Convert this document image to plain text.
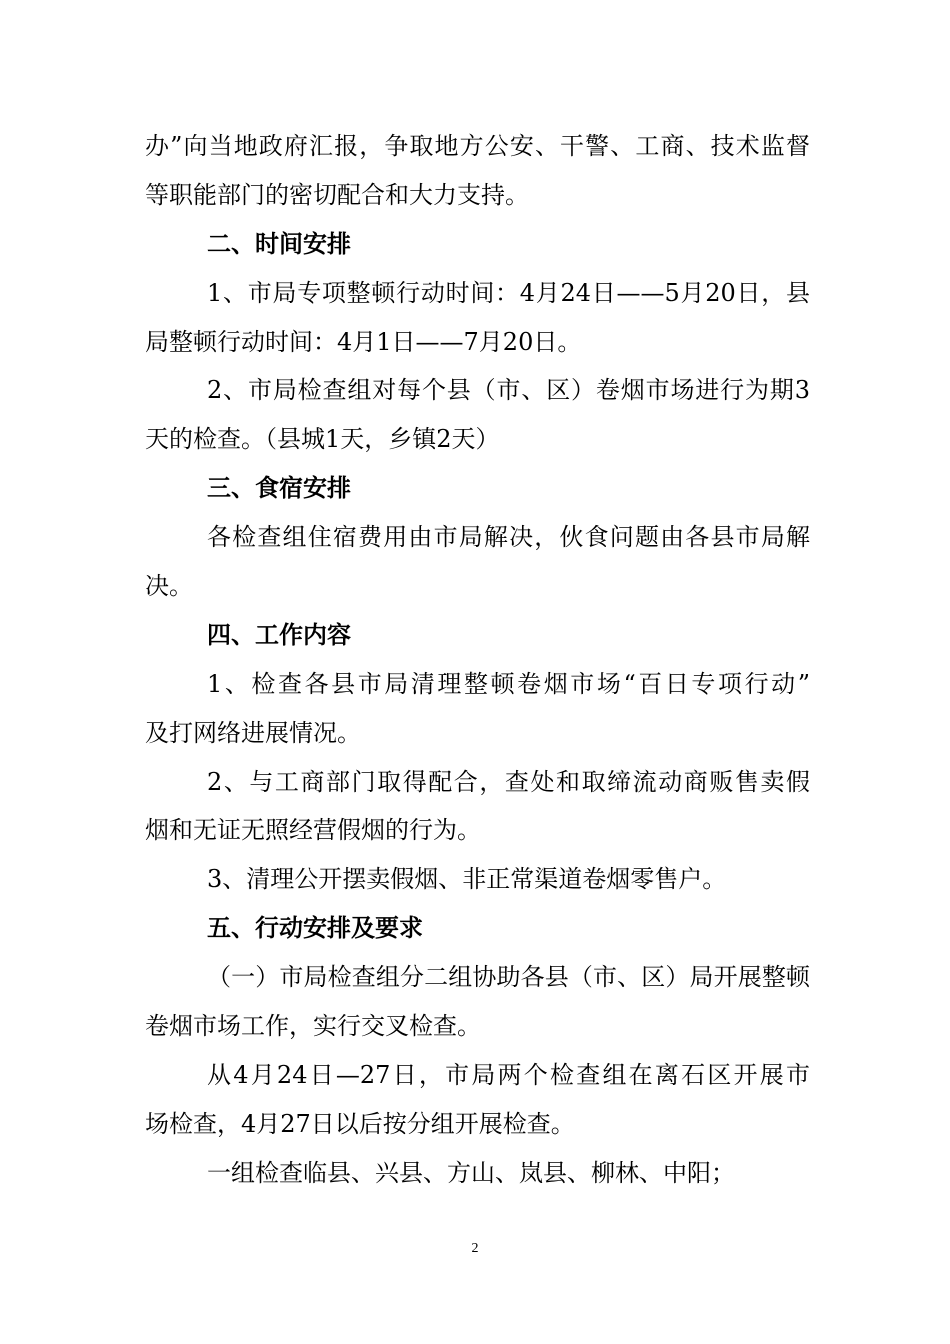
办”向当地政府汇报，争取地方公安、干警、工商、技术监督
等职能部门的密切配合和大力支持。
二、时间安排
1、市局专项整顿行动时间：4月24日——5月20日，县
局整顿行动时间：4月1日——7月20日。
2、市局检查组对每个县（市、区）卷烟市场进行为期3
天的检查。（县城1天，乡镇2天）
三、食宿安排
各检查组住宿费用由市局解决，伙食问题由各县市局解
决。
四、工作内容
1、检查各县市局清理整顿卷烟市场“百日专项行动”
及打网络进展情况。
2、与工商部门取得配合，查处和取缔流动商贩售卖假
烟和无证无照经营假烟的行为。
3、清理公开摆卖假烟、非正常渠道卷烟零售户。
五、行动安排及要求
（一）市局检查组分二组协助各县（市、区）局开展整顿
卷烟市场工作，实行交叉检查。
从4月24日—27日，市局两个检查组在离石区开展市
场检查，4月27日以后按分组开展检查。
一组检查临县、兴县、方山、岚县、柳林、中阳；
2
